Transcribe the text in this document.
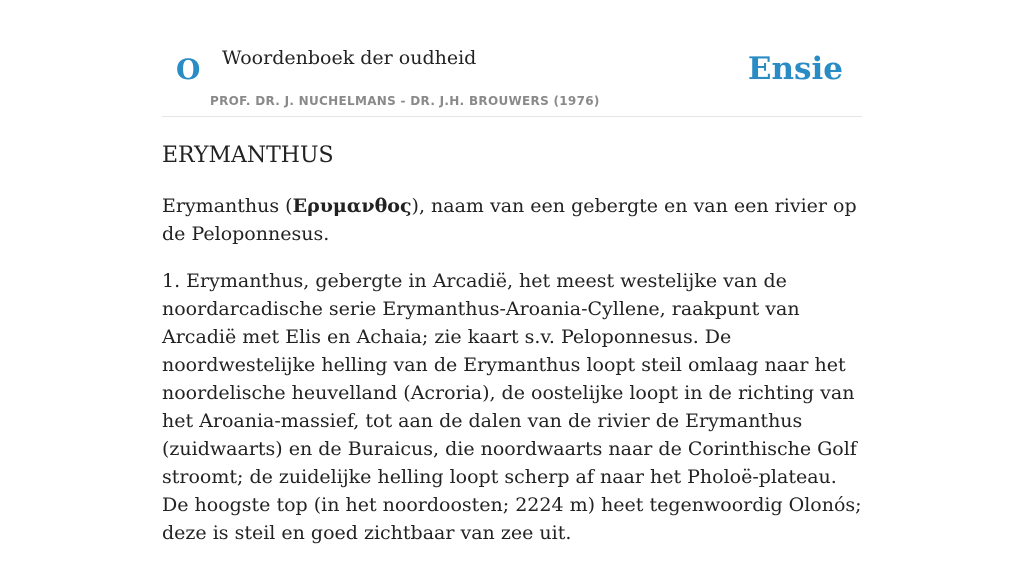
O Woordenboek der oudheid
PROF. DR. J. NUCHELMANS - DR. J.H. BROUWERS (1976)
Ensie
ERYMANTHUS

Erymanthus (Ερυμανθος), naam van een gebergte en van een rivier op de Peloponnesus.

1. Erymanthus, gebergte in Arcadië, het meest westelijke van de noordarcadische serie Erymanthus-Aroania-Cyllene, raakpunt van Arcadië met Elis en Achaia; zie kaart s.v. Peloponnesus. De noordwestelijke helling van de Erymanthus loopt steil omlaag naar het noordelische heuvelland (Acroria), de oostelijke loopt in de richting van het Aroania-massief, tot aan de dalen van de rivier de Erymanthus (zuidwaarts) en de Buraicus, die noordwaarts naar de Corinthische Golf stroomt; de zuidelijke helling loopt scherp af naar het Pholoë-plateau. De hoogste top (in het noordoosten; 2224 m) heet tegenwoordig Olonós; deze is steil en goed zichtbaar van zee uit.
